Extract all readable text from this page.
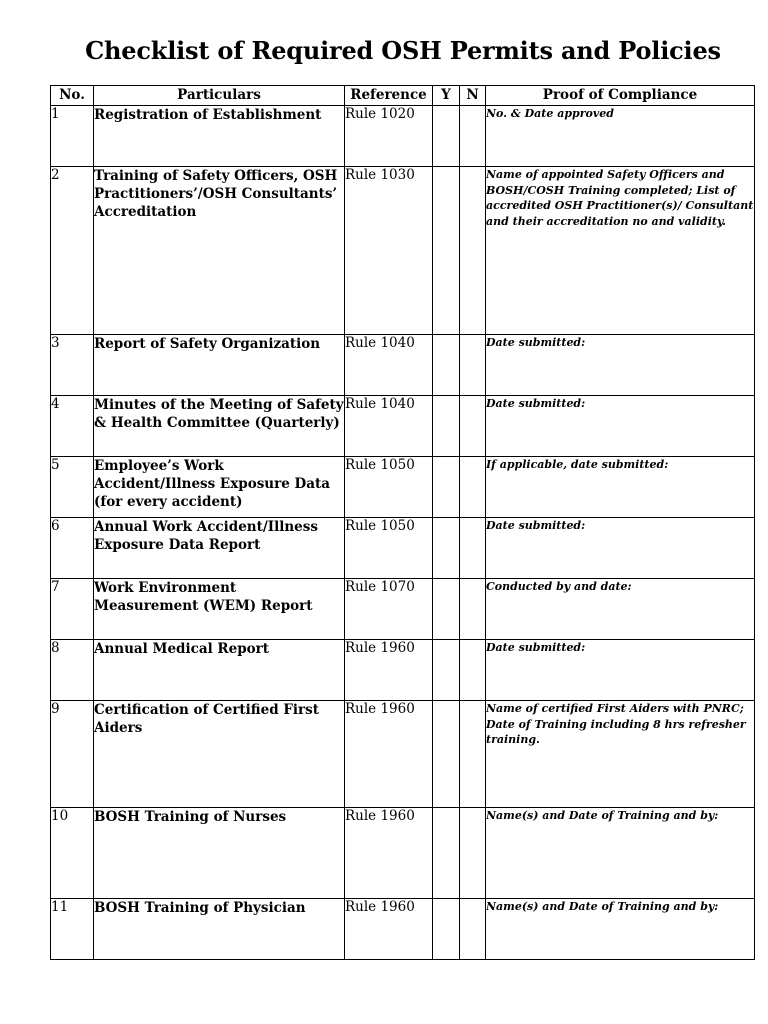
Checklist of Required OSH Permits and Policies
No.	Particulars	Reference	Y	N	Proof of Compliance
1	Registration of Establishment	Rule 1020			No. & Date approved
2	Training of Safety Officers, OSH Practitioners’/OSH Consultants’ Accreditation	Rule 1030			Name of appointed Safety Officers and BOSH/COSH Training completed; List of accredited OSH Practitioner(s)/ Consultant and their accreditation no and validity.
3	Report of Safety Organization	Rule 1040			Date submitted:
4	Minutes of the Meeting of Safety & Health Committee (Quarterly)	Rule 1040			Date submitted:
5	Employee’s Work Accident/Illness Exposure Data (for every accident)	Rule 1050			If applicable, date submitted:
6	Annual Work Accident/Illness Exposure Data Report	Rule 1050			Date submitted:
7	Work Environment Measurement (WEM) Report	Rule 1070			Conducted by and date:
8	Annual Medical Report	Rule 1960			Date submitted:
9	Certification of Certified First Aiders	Rule 1960			Name of certified First Aiders with PNRC; Date of Training including 8 hrs refresher training.
10	BOSH Training of Nurses	Rule 1960			Name(s) and Date of Training and by:
11	BOSH Training of Physician	Rule 1960			Name(s) and Date of Training and by:
